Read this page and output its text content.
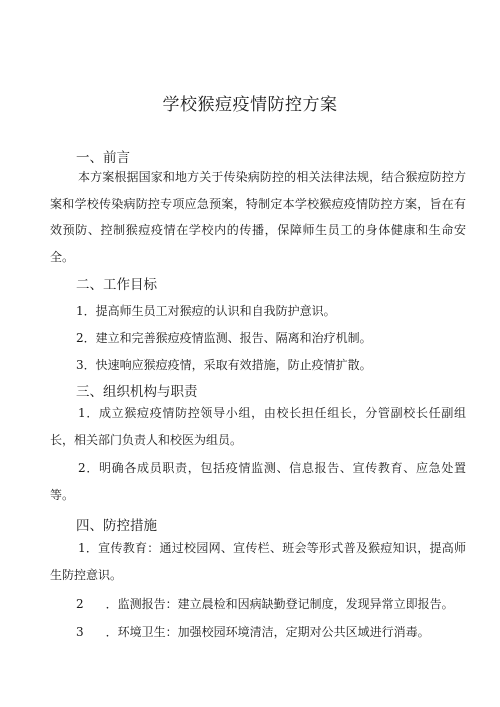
学校猴痘疫情防控方案
一、前言
本方案根据国家和地方关于传染病防控的相关法律法规，结合猴痘防控方案和学校传染病防控专项应急预案，特制定本学校猴痘疫情防控方案，旨在有效预防、控制猴痘疫情在学校内的传播，保障师生员工的身体健康和生命安全。
二、工作目标
1．提高师生员工对猴痘的认识和自我防护意识。
2．建立和完善猴痘疫情监测、报告、隔离和治疗机制。
3．快速响应猴痘疫情，采取有效措施，防止疫情扩散。
三、组织机构与职责
1．成立猴痘疫情防控领导小组，由校长担任组长，分管副校长任副组长，相关部门负责人和校医为组员。
2．明确各成员职责，包括疫情监测、信息报告、宣传教育、应急处置等。
四、防控措施
1．宣传教育：通过校园网、宣传栏、班会等形式普及猴痘知识，提高师生防控意识。
2 ．监测报告：建立晨检和因病缺勤登记制度，发现异常立即报告。
3 ．环境卫生：加强校园环境清洁，定期对公共区域进行消毒。
